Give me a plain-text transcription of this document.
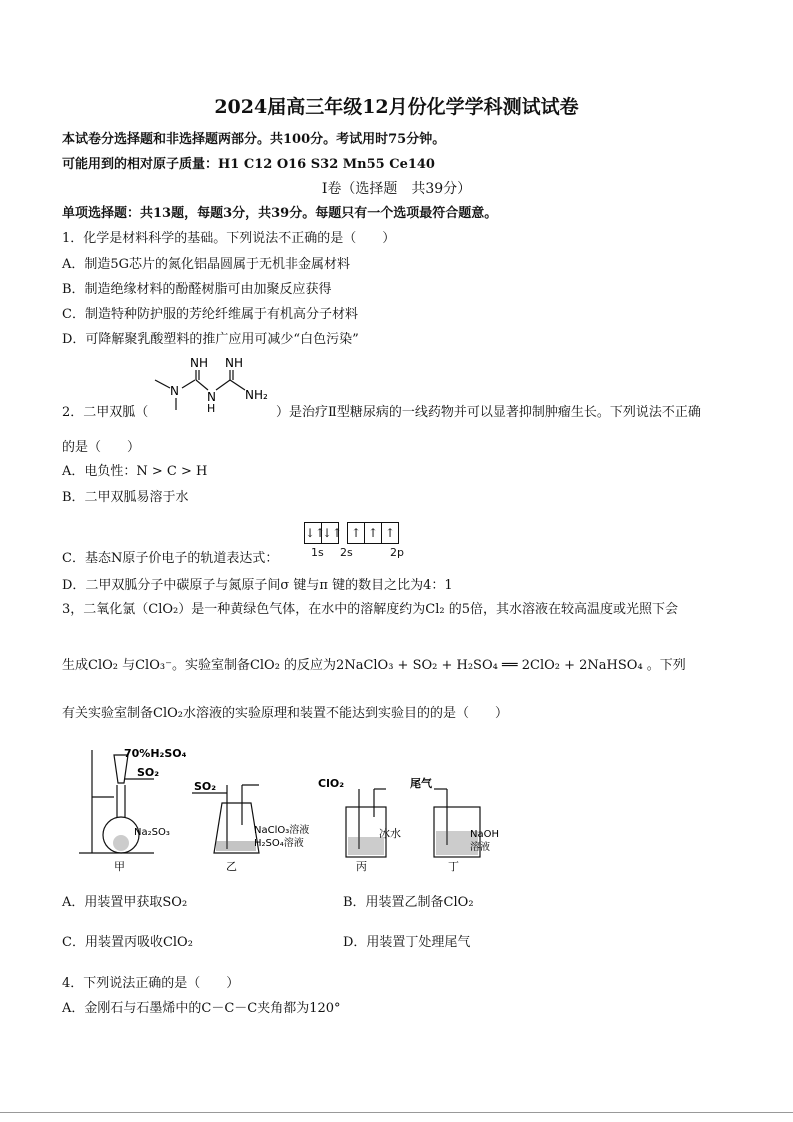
2024届高三年级12月份化学学科测试试卷
本试卷分选择题和非选择题两部分。共100分。考试用时75分钟。
可能用到的相对原子质量：H1 C12 O16 S32 Mn55 Ce140
Ⅰ卷（选择题　共39分）
单项选择题：共13题，每题3分，共39分。每题只有一个选项最符合题意。
1．化学是材料科学的基础。下列说法不正确的是（　　）
A．制造5G芯片的氮化铝晶圆属于无机非金属材料
B．制造绝缘材料的酚醛树脂可由加聚反应获得
C．制造特种防护服的芳纶纤维属于有机高分子材料
D．可降解聚乳酸塑料的推广应用可减少“白色污染”
NH NH
N N
H
NH₂
2．二甲双胍（	）是治疗Ⅱ型糖尿病的一线药物并可以显著抑制肿瘤生长。下列说法不正确
的是（　　）
A．电负性：N > C > H
B．二甲双胍易溶于水
C．基态N原子价电子的轨道表达式：
↓↑↓↑ ↑ ↑ ↑
1s 2s	2p
D．二甲双胍分子中碳原子与氮原子间σ 键与π 键的数目之比为4：1
3，二氧化氯（ClO₂）是一种黄绿色气体，在水中的溶解度约为Cl₂ 的5倍，其水溶液在较高温度或光照下会
生成ClO₂ 与ClO₃⁻。实验室制备ClO₂ 的反应为2NaClO₃ + SO₂ + H₂SO₄ ══ 2ClO₂ + 2NaHSO₄ 。下列
有关实验室制备ClO₂水溶液的实验原理和装置不能达到实验目的的是（　　）
70%H₂SO₄
SO₂
Na₂SO₃
甲
SO₂
NaClO₃溶液
H₂SO₄溶液
乙
ClO₂
冰水
丙
尾气
NaOH
溶液
丁
A．用装置甲获取SO₂	B．用装置乙制备ClO₂
C．用装置丙吸收ClO₂	D．用装置丁处理尾气
4．下列说法正确的是（　　）
A．金刚石与石墨烯中的C－C－C夹角都为120°
